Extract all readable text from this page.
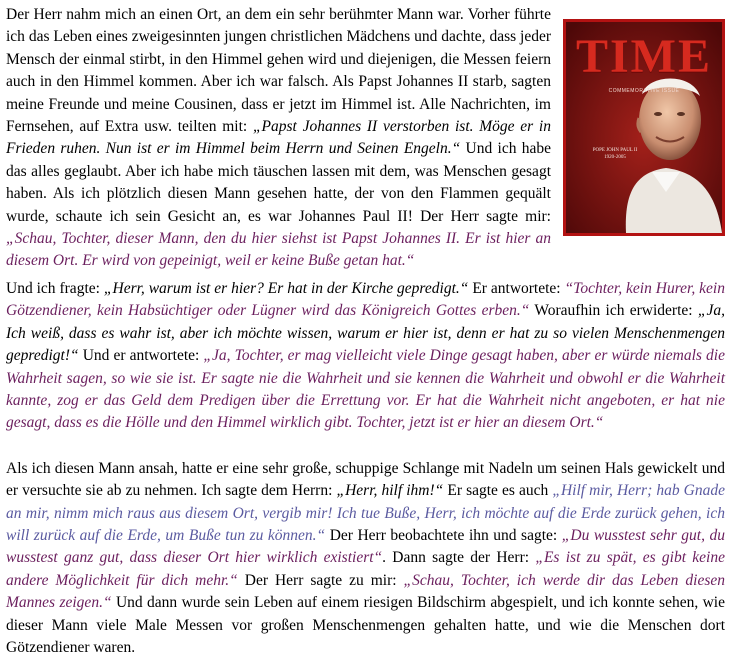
TIME
COMMEMORATIVE ISSUE
POPE JOHN PAUL II
1920-2005
Der Herr nahm mich an einen Ort, an dem ein sehr berühmter Mann war. Vorher führte ich das Leben eines zweigesinnten jungen christlichen Mädchens und dachte, dass jeder Mensch der einmal stirbt, in den Himmel gehen wird und diejenigen, die Messen feiern auch in den Himmel kommen. Aber ich war falsch. Als Papst Johannes II starb, sagten meine Freunde und meine Cousinen, dass er jetzt im Himmel ist. Alle Nachrichten, im Fernsehen, auf Extra usw. teilten mit: „Papst Johannes II verstorben ist. Möge er in Frieden ruhen. Nun ist er im Himmel beim Herrn und Seinen Engeln.“ Und ich habe das alles geglaubt. Aber ich habe mich täuschen lassen mit dem, was Menschen gesagt haben. Als ich plötzlich diesen Mann gesehen hatte, der von den Flammen gequält wurde, schaute ich sein Gesicht an, es war Johannes Paul II! Der Herr sagte mir: „Schau, Tochter, dieser Mann, den du hier siehst ist Papst Johannes II. Er ist hier an diesem Ort. Er wird von gepeinigt, weil er keine Buße getan hat.“

Und ich fragte: „Herr, warum ist er hier? Er hat in der Kirche gepredigt.“ Er antwortete: “Tochter, kein Hurer, kein Götzendiener, kein Habsüchtiger oder Lügner wird das Königreich Gottes erben.“ Woraufhin ich erwiderte: „Ja, Ich weiß, dass es wahr ist, aber ich möchte wissen, warum er hier ist, denn er hat zu so vielen Menschenmengen gepredigt!“ Und er antwortete: „Ja, Tochter, er mag vielleicht viele Dinge gesagt haben, aber er würde niemals die Wahrheit sagen, so wie sie ist. Er sagte nie die Wahrheit und sie kennen die Wahrheit und obwohl er die Wahrheit kannte, zog er das Geld dem Predigen über die Errettung vor. Er hat die Wahrheit nicht angeboten, er hat nie gesagt, dass es die Hölle und den Himmel wirklich gibt. Tochter, jetzt ist er hier an diesem Ort.“

Als ich diesen Mann ansah, hatte er eine sehr große, schuppige Schlange mit Nadeln um seinen Hals gewickelt und er versuchte sie ab zu nehmen. Ich sagte dem Herrn: „Herr, hilf ihm!“ Er sagte es auch „Hilf mir, Herr; hab Gnade an mir, nimm mich raus aus diesem Ort, vergib mir! Ich tue Buße, Herr, ich möchte auf die Erde zurück gehen, ich will zurück auf die Erde, um Buße tun zu können.“ Der Herr beobachtete ihn und sagte: „Du wusstest sehr gut, du wusstest ganz gut, dass dieser Ort hier wirklich existiert“. Dann sagte der Herr: „Es ist zu spät, es gibt keine andere Möglichkeit für dich mehr.“ Der Herr sagte zu mir: „Schau, Tochter, ich werde dir das Leben diesen Mannes zeigen.“ Und dann wurde sein Leben auf einem riesigen Bildschirm abgespielt, und ich konnte sehen, wie dieser Mann viele Male Messen vor großen Menschenmengen gehalten hatte, und wie die Menschen dort Götzendiener waren.
